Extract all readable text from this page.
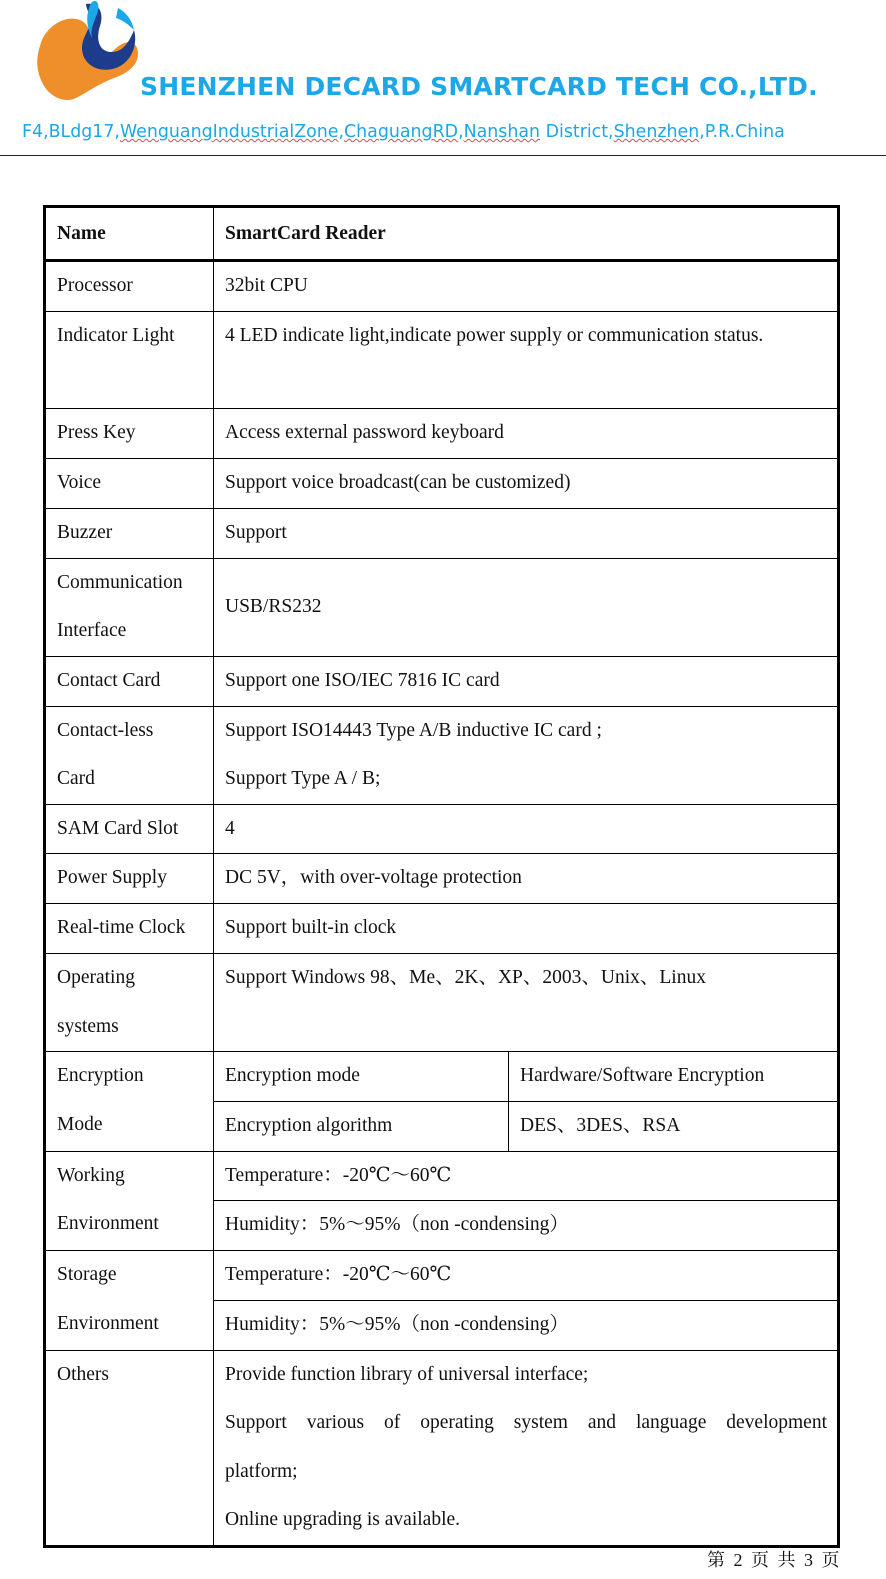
SHENZHEN DECARD SMARTCARD TECH CO.,LTD.
F4,BLdg17,WenguangIndustrialZone,ChaguangRD,Nanshan District,Shenzhen,P.R.China
Name	SmartCard Reader	
Processor	32bit CPU	
Indicator Light	4 LED indicate light,indicate power supply or communication status.	
Press Key	Access external password keyboard	
Voice	Support voice broadcast(can be customized)	
Buzzer	Support	

Communication
Interface	USB/RS232	
Contact Card	Support one ISO/IEC 7816 IC card	

Contact-less
Card	Support ISO14443 Type A/B inductive IC card ;
Support Type A / B;	

SAM Card Slot	4	
Power Supply	DC 5V，with over-voltage protection	
Real-time Clock	Support built-in clock	

Operating
systems	Support Windows 98、Me、2K、XP、2003、Unix、Linux	

Encryption
Mode	Encryption mode	Hardware/Software Encryption
	Encryption algorithm	DES、3DES、RSA

Working
Environment	Temperature：-20℃～60℃	
	Humidity：5%～95%（non -condensing）	

Storage
Environment	Temperature：-20℃～60℃	
	Humidity：5%～95%（non -condensing）	
Others	Provide function library of universal interface;
Support various of operating system and language development
platform;
Online upgrading is available.	
第 2 页 共 3 页
